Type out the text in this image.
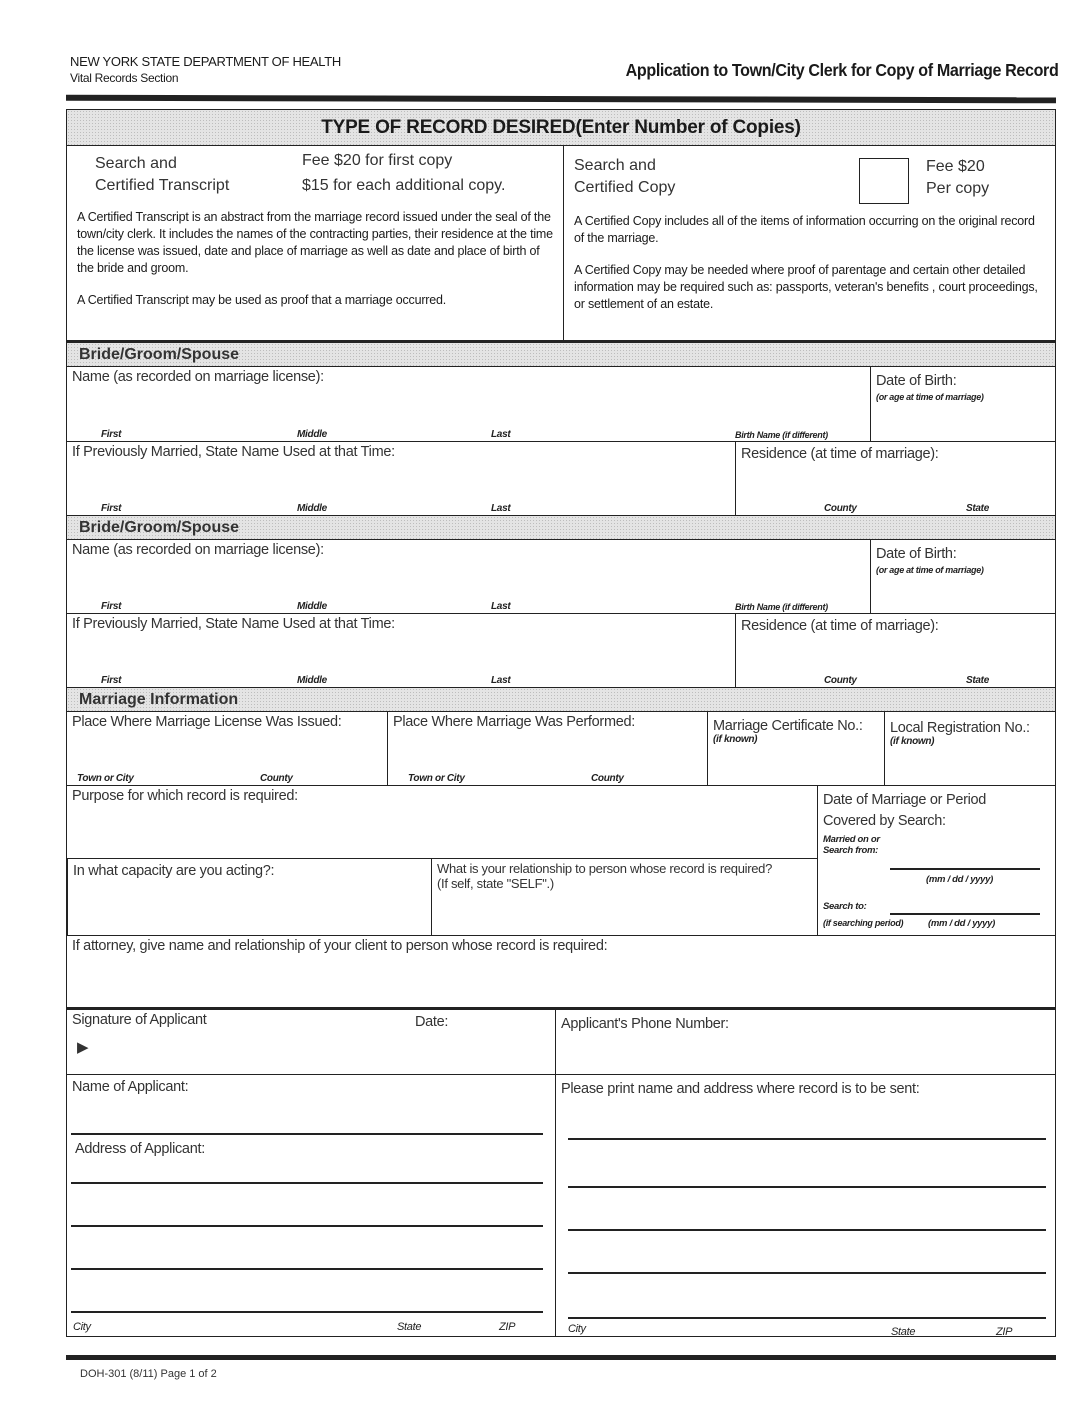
NEW YORK STATE DEPARTMENT OF HEALTH
Vital Records Section	Application to Town/City Clerk for Copy of Marriage Record
TYPE OF RECORD DESIRED (Enter Number of Copies)
Search and
Certified Transcript
Fee $20 for first copy
$15 for each additional copy.
A Certified Transcript is an abstract from the marriage record issued under the seal of the town/city clerk. It includes the names of the contracting parties, their residence at the time the license was issued, date and place of marriage as well as date and place of birth of the bride and groom.
A Certified Transcript may be used as proof that a marriage occurred.
Search and
Certified Copy
Fee $20
Per copy
A Certified Copy includes all of the items of information occurring on the original record of the marriage.
A Certified Copy may be needed where proof of parentage and certain other detailed information may be required such as: passports, veteran's benefits , court proceedings, or settlement of an estate.
Bride/Groom/Spouse
Name (as recorded on marriage license):
First	Middle	Last	Birth Name (if different)
Date of Birth:
(or age at time of marriage)
If Previously Married, State Name Used at that Time:
First	Middle	Last
Residence (at time of marriage):
County	State
Bride/Groom/Spouse
Name (as recorded on marriage license):
First	Middle	Last	Birth Name (if different)
Date of Birth:
(or age at time of marriage)
If Previously Married, State Name Used at that Time:
First	Middle	Last
Residence (at time of marriage):
County	State
Marriage Information
Place Where Marriage License Was Issued:
Town or City	County
Place Where Marriage Was Performed:
Town or City	County
Marriage Certificate No.:
(if known)
Local Registration No.:
(if known)
Purpose for which record is required:
In what capacity are you acting?:	What is your relationship to person whose record is required?
(If self, state "SELF".)
Date of Marriage or Period
Covered by Search:
Married on or
Search from:
(mm / dd / yyyy)
Search to:
(if searching period)	(mm / dd / yyyy)
If attorney, give name and relationship of your client to person whose record is required:
Signature of Applicant	Date:
▶
Applicant's Phone Number:
Name of Applicant:
Address of Applicant:
City	State	ZIP
Please print name and address where record is to be sent:
City	State	ZIP
DOH-301 (8/11) Page 1 of 2
